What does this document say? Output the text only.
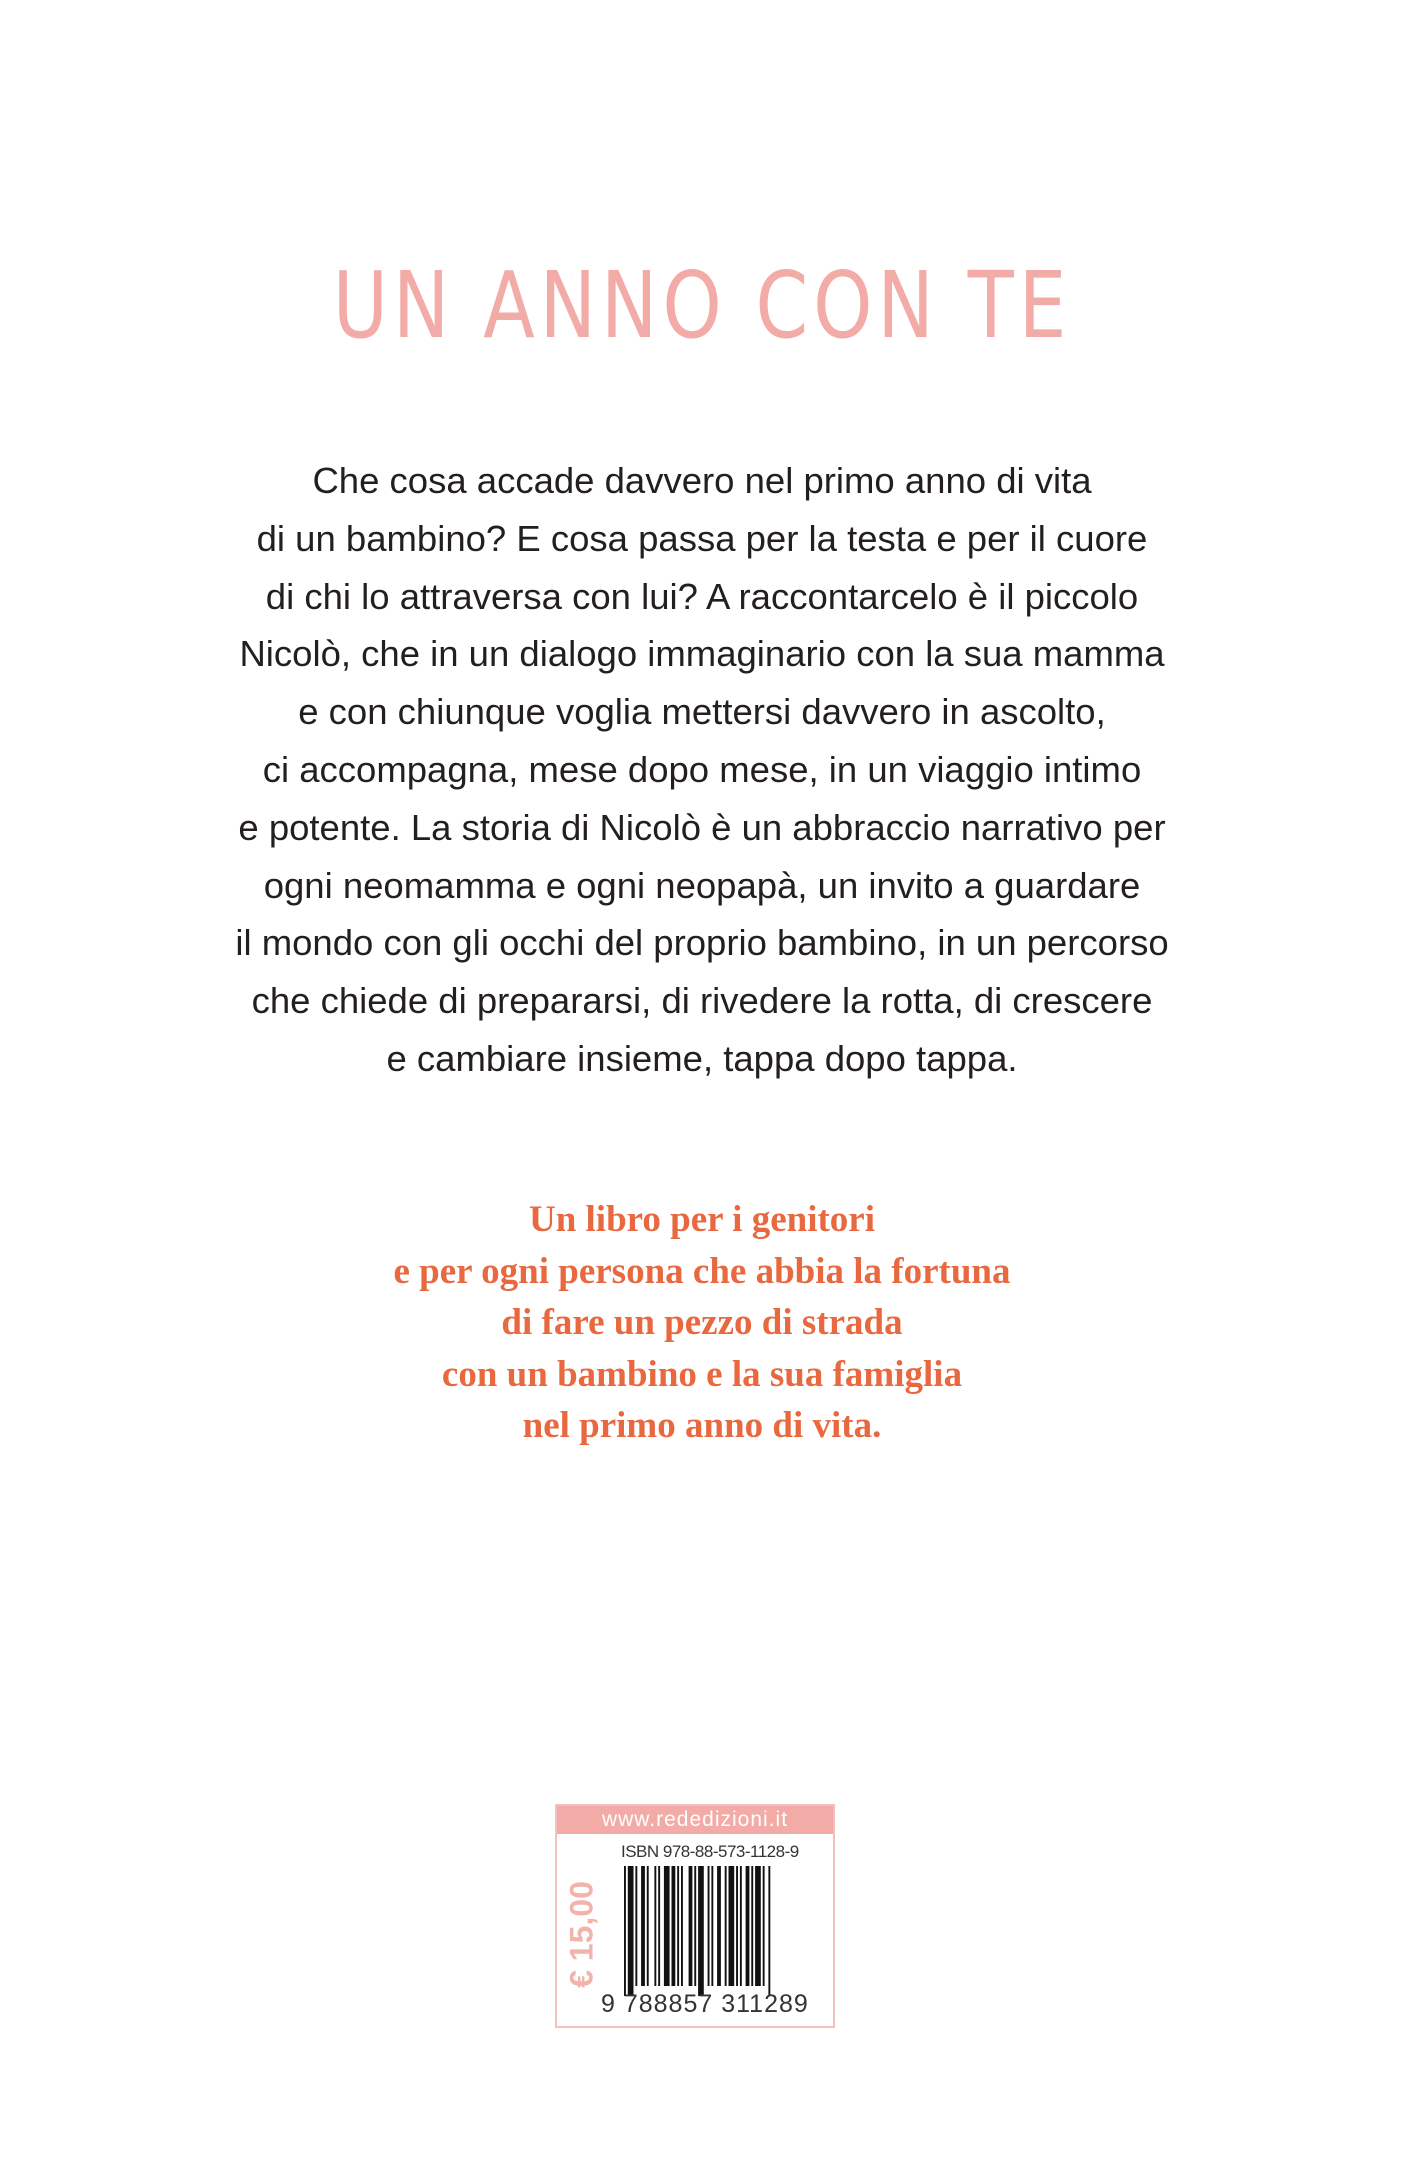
UN ANNO CON TE
Che cosa accade davvero nel primo anno di vita
di un bambino? E cosa passa per la testa e per il cuore
di chi lo attraversa con lui? A raccontarcelo è il piccolo
Nicolò, che in un dialogo immaginario con la sua mamma
e con chiunque voglia mettersi davvero in ascolto,
ci accompagna, mese dopo mese, in un viaggio intimo
e potente. La storia di Nicolò è un abbraccio narrativo per
ogni neomamma e ogni neopapà, un invito a guardare
il mondo con gli occhi del proprio bambino, in un percorso
che chiede di prepararsi, di rivedere la rotta, di crescere
e cambiare insieme, tappa dopo tappa.
Un libro per i genitori
e per ogni persona che abbia la fortuna
di fare un pezzo di strada
con un bambino e la sua famiglia
nel primo anno di vita.
www.rededizioni.it
ISBN 978-88-573-1128-9
€ 15,00
9 788857 311289
